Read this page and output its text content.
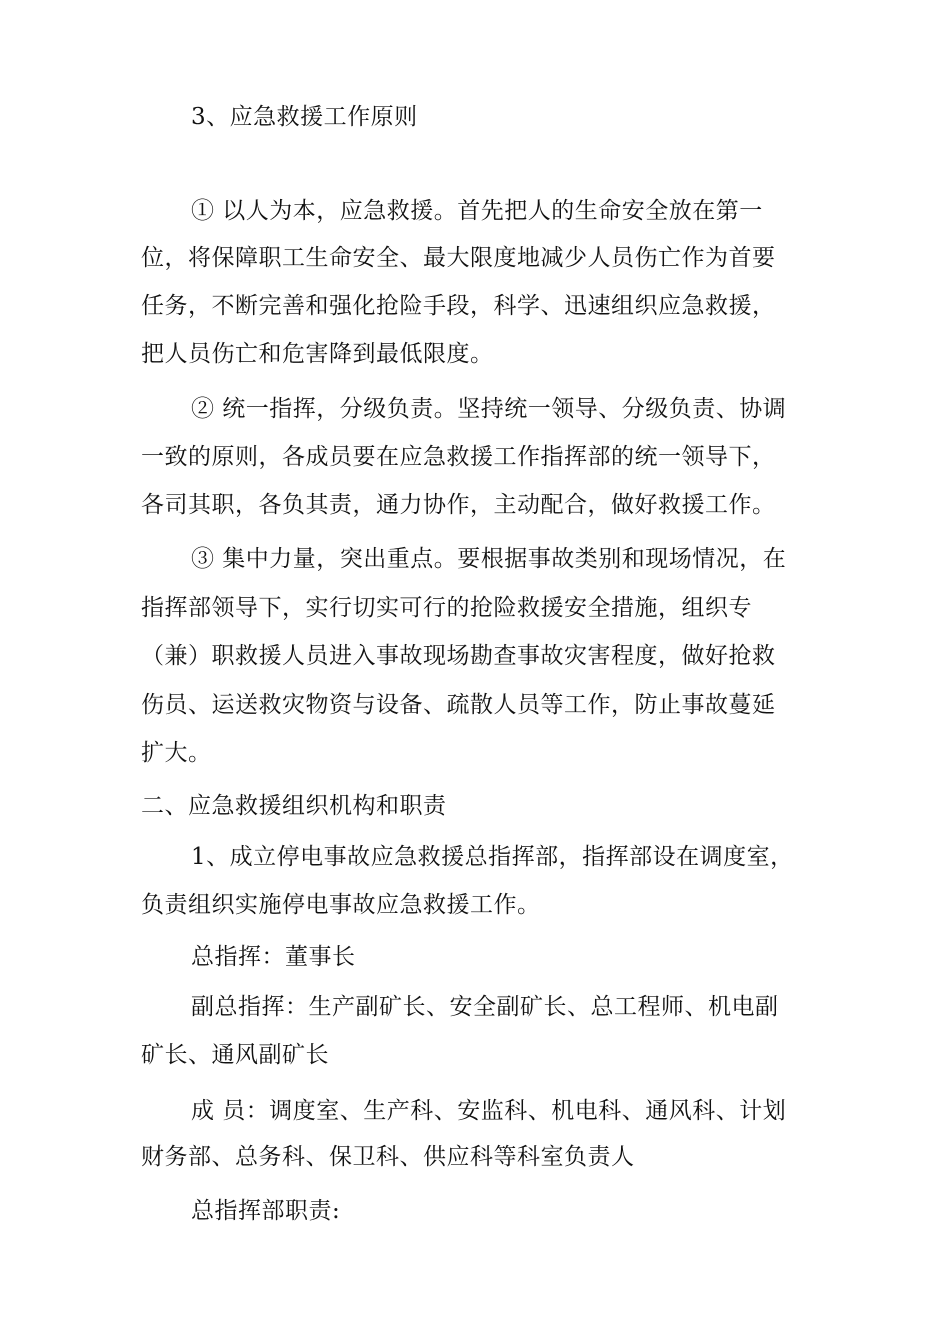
3、应急救援工作原则
① 以人为本，应急救援。首先把人的生命安全放在第一
位，将保障职工生命安全、最大限度地减少人员伤亡作为首要
任务，不断完善和强化抢险手段，科学、迅速组织应急救援，
把人员伤亡和危害降到最低限度。
② 统一指挥，分级负责。坚持统一领导、分级负责、协调
一致的原则，各成员要在应急救援工作指挥部的统一领导下，
各司其职，各负其责，通力协作，主动配合，做好救援工作。
③ 集中力量，突出重点。要根据事故类别和现场情况，在
指挥部领导下，实行切实可行的抢险救援安全措施，组织专
（兼）职救援人员进入事故现场勘查事故灾害程度，做好抢救
伤员、运送救灾物资与设备、疏散人员等工作，防止事故蔓延
扩大。
二、应急救援组织机构和职责
1、成立停电事故应急救援总指挥部，指挥部设在调度室，
负责组织实施停电事故应急救援工作。
总指挥：董事长
副总指挥：生产副矿长、安全副矿长、总工程师、机电副
矿长、通风副矿长
成 员：调度室、生产科、安监科、机电科、通风科、计划
财务部、总务科、保卫科、供应科等科室负责人
总指挥部职责:
